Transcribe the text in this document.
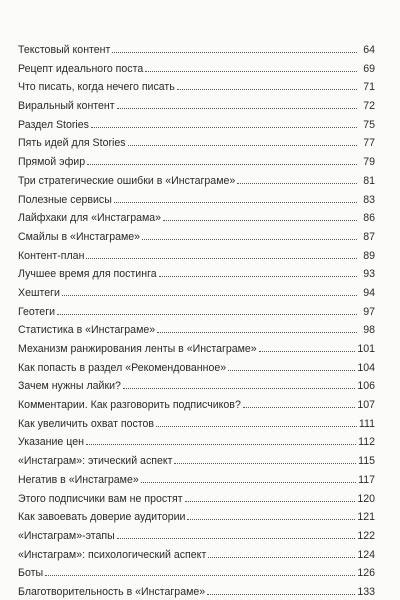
Текстовый контент	64
Рецепт идеального поста	69
Что писать, когда нечего писать	71
Виральный контент	72
Раздел Stories	75
Пять идей для Stories	77
Прямой эфир	79
Три стратегические ошибки в «Инстаграме»	81
Полезные сервисы	83
Лайфхаки для «Инстаграма»	86
Смайлы в «Инстаграме»	87
Контент-план	89
Лучшее время для постинга	93
Хештеги	94
Геотеги	97
Статистика в «Инстаграме»	98
Механизм ранжирования ленты в «Инстаграме»	101
Как попасть в раздел «Рекомендованное»	104
Зачем нужны лайки?	106
Комментарии. Как разговорить подписчиков?	107
Как увеличить охват постов	111
Указание цен	112
«Инстаграм»: этический аспект	115
Негатив в «Инстаграме»	117
Этого подписчики вам не простят	120
Как завоевать доверие аудитории	121
«Инстаграм»-этапы	122
«Инстаграм»: психологический аспект	124
Боты	126
Благотворительность в «Инстаграме»	133
